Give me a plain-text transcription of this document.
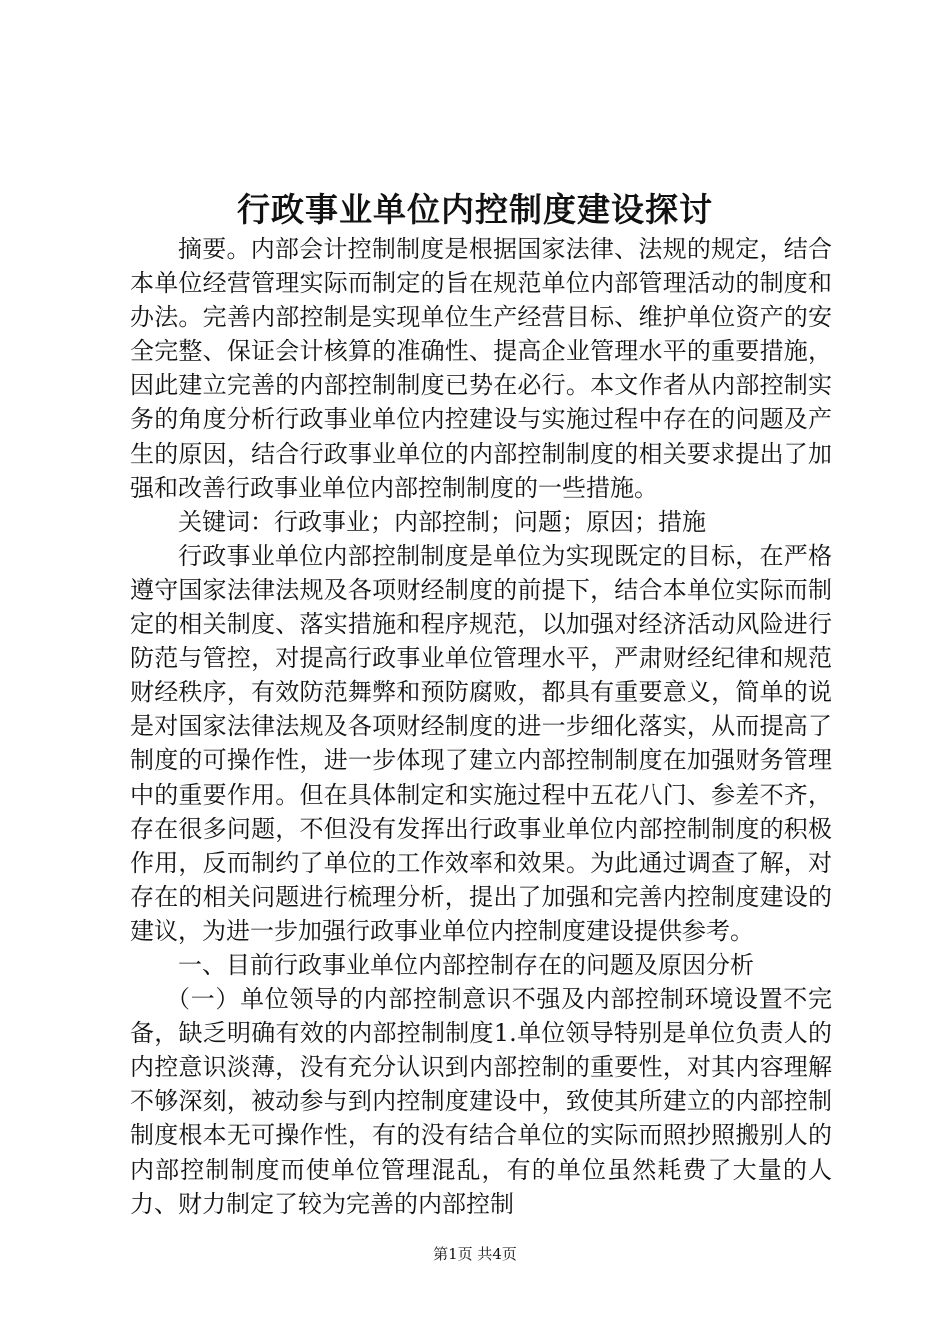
行政事业单位内控制度建设探讨

摘要。内部会计控制制度是根据国家法律、法规的规定，结合本单位经营管理实际而制定的旨在规范单位内部管理活动的制度和办法。完善内部控制是实现单位生产经营目标、维护单位资产的安全完整、保证会计核算的准确性、提高企业管理水平的重要措施，因此建立完善的内部控制制度已势在必行。本文作者从内部控制实务的角度分析行政事业单位内控建设与实施过程中存在的问题及产生的原因，结合行政事业单位的内部控制制度的相关要求提出了加强和改善行政事业单位内部控制制度的一些措施。

关键词：行政事业；内部控制；问题；原因；措施

行政事业单位内部控制制度是单位为实现既定的目标，在严格遵守国家法律法规及各项财经制度的前提下，结合本单位实际而制定的相关制度、落实措施和程序规范，以加强对经济活动风险进行防范与管控，对提高行政事业单位管理水平，严肃财经纪律和规范财经秩序，有效防范舞弊和预防腐败，都具有重要意义，简单的说是对国家法律法规及各项财经制度的进一步细化落实，从而提高了制度的可操作性，进一步体现了建立内部控制制度在加强财务管理中的重要作用。但在具体制定和实施过程中五花八门、参差不齐，存在很多问题，不但没有发挥出行政事业单位内部控制制度的积极作用，反而制约了单位的工作效率和效果。为此通过调查了解，对存在的相关问题进行梳理分析，提出了加强和完善内控制度建设的建议，为进一步加强行政事业单位内控制度建设提供参考。

一、目前行政事业单位内部控制存在的问题及原因分析

（一）单位领导的内部控制意识不强及内部控制环境设置不完备，缺乏明确有效的内部控制制度1.单位领导特别是单位负责人的内控意识淡薄，没有充分认识到内部控制的重要性，对其内容理解不够深刻，被动参与到内控制度建设中，致使其所建立的内部控制制度根本无可操作性，有的没有结合单位的实际而照抄照搬别人的内部控制制度而使单位管理混乱，有的单位虽然耗费了大量的人力、财力制定了较为完善的内部控制

第1页 共4页
